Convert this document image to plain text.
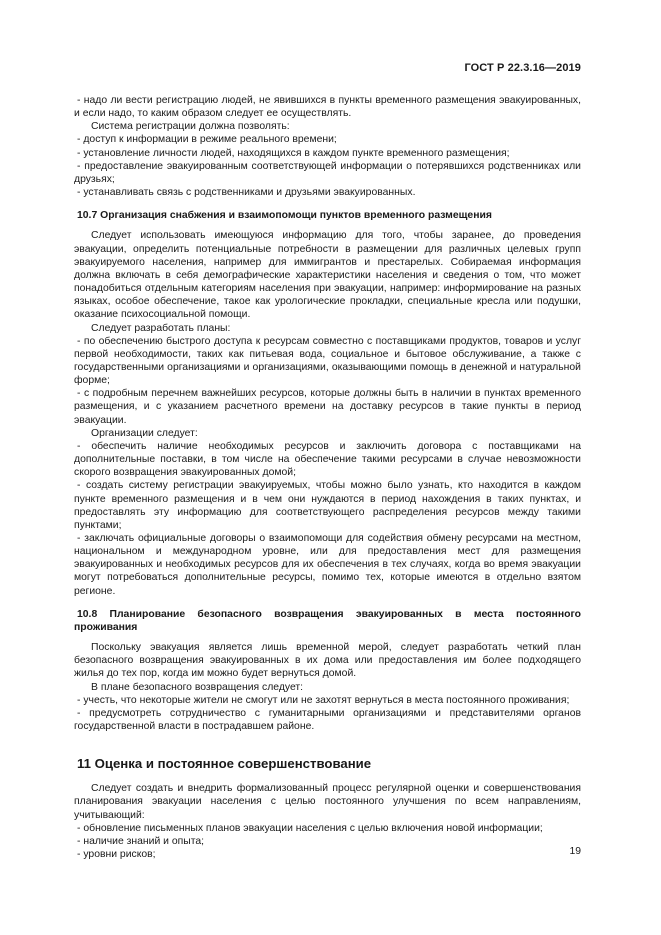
ГОСТ Р 22.3.16—2019

- надо ли вести регистрацию людей, не явившихся в пункты временного размещения эвакуированных, и если надо, то каким образом следует ее осуществлять.

Система регистрации должна позволять:

- доступ к информации в режиме реального времени;

- установление личности людей, находящихся в каждом пункте временного размещения;

- предоставление эвакуированным соответствующей информации о потерявшихся родственниках или друзьях;

- устанавливать связь с родственниками и друзьями эвакуированных.

10.7 Организация снабжения и взаимопомощи пунктов временного размещения

Следует использовать имеющуюся информацию для того, чтобы заранее, до проведения эвакуации, определить потенциальные потребности в размещении для различных целевых групп эвакуируемого населения, например для иммигрантов и престарелых. Собираемая информация должна включать в себя демографические характеристики населения и сведения о том, что может понадобиться отдельным категориям населения при эвакуации, например: информирование на разных языках, особое обеспечение, такое как урологические прокладки, специальные кресла или подушки, оказание психосоциальной помощи.

Следует разработать планы:

- по обеспечению быстрого доступа к ресурсам совместно с поставщиками продуктов, товаров и услуг первой необходимости, таких как питьевая вода, социальное и бытовое обслуживание, а также с государственными организациями и организациями, оказывающими помощь в денежной и натуральной форме;

- с подробным перечнем важнейших ресурсов, которые должны быть в наличии в пунктах временного размещения, и с указанием расчетного времени на доставку ресурсов в такие пункты в период эвакуации.

Организации следует:

- обеспечить наличие необходимых ресурсов и заключить договора с поставщиками на дополнительные поставки, в том числе на обеспечение такими ресурсами в случае невозможности скорого возвращения эвакуированных домой;

- создать систему регистрации эвакуируемых, чтобы можно было узнать, кто находится в каждом пункте временного размещения и в чем они нуждаются в период нахождения в таких пунктах, и предоставлять эту информацию для соответствующего распределения ресурсов между такими пунктами;

- заключать официальные договоры о взаимопомощи для содействия обмену ресурсами на местном, национальном и международном уровне, или для предоставления мест для размещения эвакуированных и необходимых ресурсов для их обеспечения в тех случаях, когда во время эвакуации могут потребоваться дополнительные ресурсы, помимо тех, которые имеются в отдельно взятом регионе.

10.8 Планирование безопасного возвращения эвакуированных в места постоянного проживания

Поскольку эвакуация является лишь временной мерой, следует разработать четкий план безопасного возвращения эвакуированных в их дома или предоставления им более подходящего жилья до тех пор, когда им можно будет вернуться домой.

В плане безопасного возвращения следует:

- учесть, что некоторые жители не смогут или не захотят вернуться в места постоянного проживания;

- предусмотреть сотрудничество с гуманитарными организациями и представителями органов государственной власти в пострадавшем районе.

11 Оценка и постоянное совершенствование

Следует создать и внедрить формализованный процесс регулярной оценки и совершенствования планирования эвакуации населения с целью постоянного улучшения по всем направлениям, учитывающий:

- обновление письменных планов эвакуации населения с целью включения новой информации;

- наличие знаний и опыта;

- уровни рисков;	19
